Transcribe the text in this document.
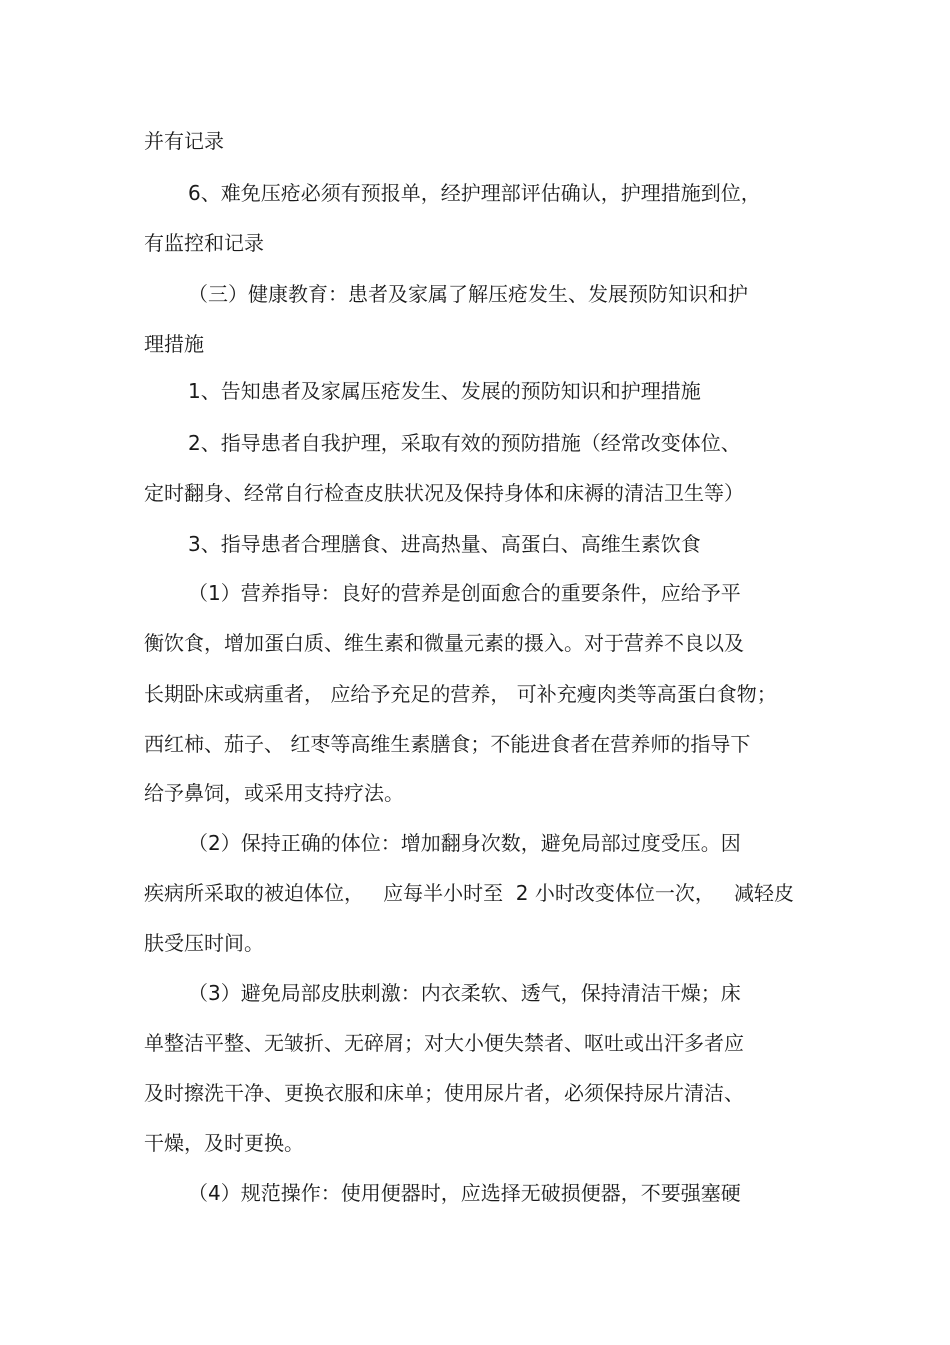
并有记录
6、难免压疮必须有预报单，经护理部评估确认，护理措施到位，
有监控和记录
（三）健康教育：患者及家属了解压疮发生、发展预防知识和护
理措施
1、告知患者及家属压疮发生、发展的预防知识和护理措施
2、指导患者自我护理，采取有效的预防措施（经常改变体位、
定时翻身、经常自行检查皮肤状况及保持身体和床褥的清洁卫生等）
3、指导患者合理膳食、进高热量、高蛋白、高维生素饮食
（1）营养指导：良好的营养是创面愈合的重要条件，应给予平
衡饮食，增加蛋白质、维生素和微量元素的摄入。对于营养不良以及
长期卧床或病重者， 应给予充足的营养， 可补充瘦肉类等高蛋白食物；
西红柿、茄子、 红枣等高维生素膳食；不能进食者在营养师的指导下
给予鼻饲，或采用支持疗法。
（2）保持正确的体位：增加翻身次数，避免局部过度受压。因
疾病所采取的被迫体位，   应每半小时至  2 小时改变体位一次，   减轻皮
肤受压时间。
（3）避免局部皮肤刺激：内衣柔软、透气，保持清洁干燥；床
单整洁平整、无皱折、无碎屑；对大小便失禁者、呕吐或出汗多者应
及时擦洗干净、更换衣服和床单；使用尿片者，必须保持尿片清洁、
干燥，及时更换。
（4）规范操作：使用便器时，应选择无破损便器，不要强塞硬
